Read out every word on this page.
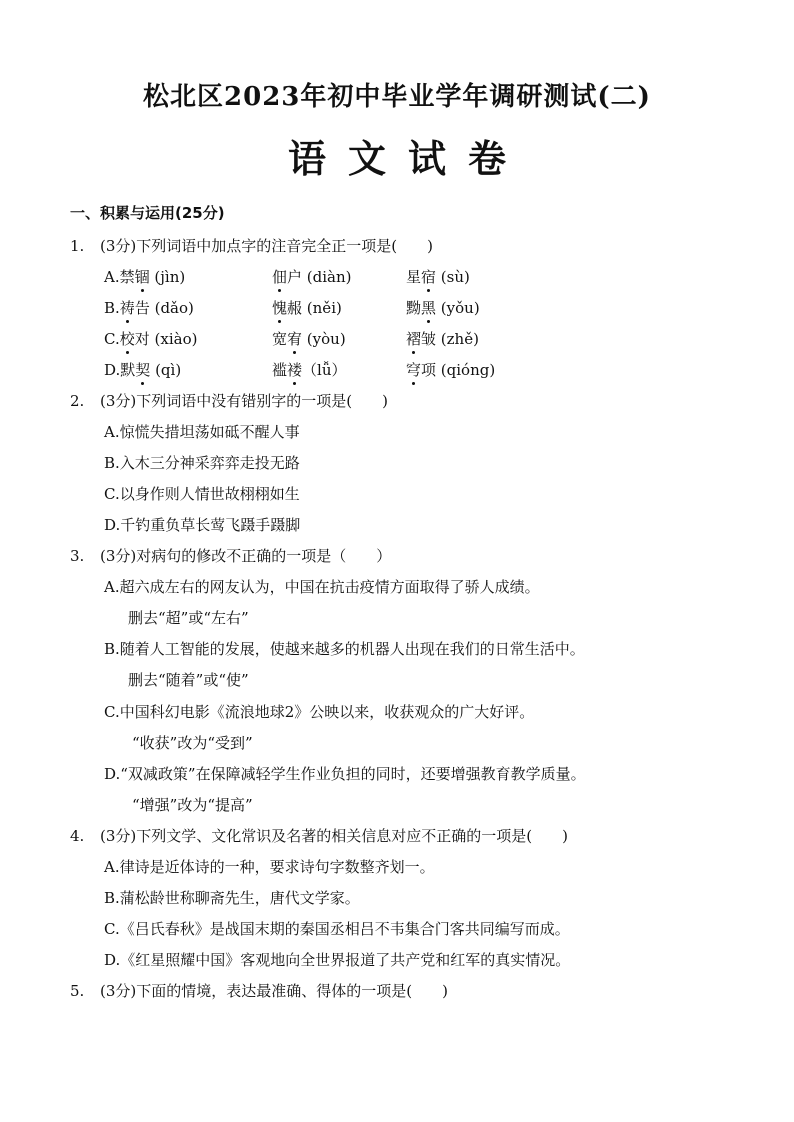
松北区2023年初中毕业学年调研测试(二)
语文试卷
一、积累与运用(25分)
1. (3分)下列词语中加点字的注音完全正一项是(　　)
A.禁锢 (jìn)	佃户 (diàn)	星宿 (sù)
B.祷告 (dǎo)	愧赧 (něi)	黝黑 (yǒu)
C.校对 (xiào)	宽宥 (yòu)	褶皱 (zhě)
D.默契 (qì)	褴褛（lǚ）	穹项 (qióng)
2. (3分)下列词语中没有错别字的一项是(　　)
A.惊慌失措坦荡如砥不醒人事
B.入木三分神采弈弈走投无路
C.以身作则人情世故栩栩如生
D.千钓重负草长莺飞蹑手蹑脚
3. (3分)对病句的修改不正确的一项是（　　）
A.超六成左右的网友认为，中国在抗击疫情方面取得了骄人成绩。
删去“超”或“左右”
B.随着人工智能的发展，使越来越多的机器人出现在我们的日常生活中。
删去“随着”或“使”
C.中国科幻电影《流浪地球2》公映以来，收获观众的广大好评。
“收获”改为“受到”
D.“双减政策”在保障减轻学生作业负担的同时，还要增强教育教学质量。
“增强”改为“提高”
4. (3分)下列文学、文化常识及名著的相关信息对应不正确的一项是(　　)
A.律诗是近体诗的一种，要求诗句字数整齐划一。
B.蒲松龄世称聊斋先生，唐代文学家。
C.《吕氏春秋》是战国末期的秦国丞相吕不韦集合门客共同编写而成。
D.《红星照耀中国》客观地向全世界报道了共产党和红军的真实情况。
5. (3分)下面的情境，表达最准确、得体的一项是(　　)
